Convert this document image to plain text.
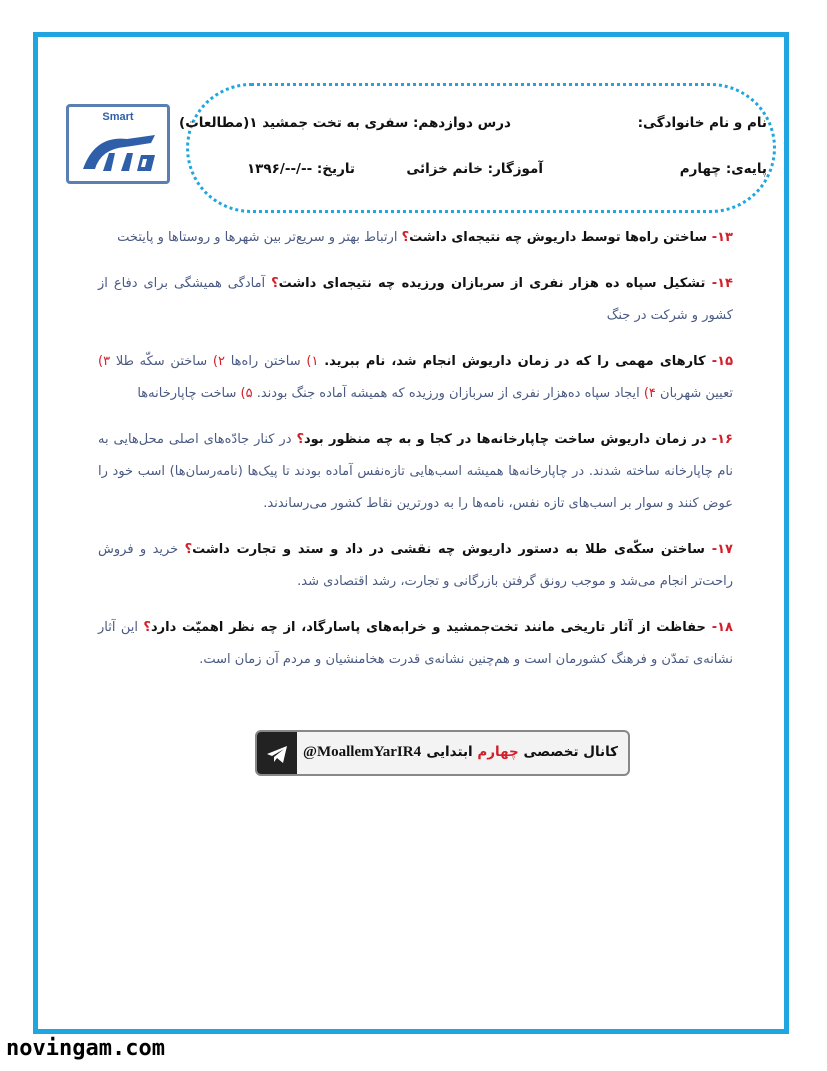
Smart	نام و نام خانوادگی:
درس دوازدهم: سفری به تخت جمشید ۱(مطالعات)
پایه‌ی: چهارم
آموزگار: خانم خزائی
تاریخ: --/--/۱۳۹۶

۱۳- ساختن راه‌ها توسط داریوش چه نتیجه‌ای داشت؟ ارتباط بهتر و سریع‌تر بین شهرها و روستاها و پایتخت

۱۴- تشکیل سپاه ده هزار نفری از سربازان ورزیده چه نتیجه‌ای داشت؟ آمادگی همیشگی برای دفاع از کشور و شرکت در جنگ

۱۵- کارهای مهمی را که در زمان داریوش انجام شد، نام ببرید. ۱) ساختن راه‌ها ۲) ساختن سکّه طلا ۳) تعیین شهربان ۴) ایجاد سپاه ده‌هزار نفری از سربازان ورزیده که همیشه آماده جنگ بودند. ۵) ساخت چاپارخانه‌ها

۱۶- در زمان داریوش ساخت چاپارخانه‌ها در کجا و به چه منظور بود؟ در کنار جادّه‌های اصلی محل‌هایی به نام چاپارخانه ساخته شدند. در چاپارخانه‌ها همیشه اسب‌هایی تازه‌نفس آماده بودند تا پیک‌ها (نامه‌رسان‌ها) اسب خود را عوض کنند و سوار بر اسب‌های تازه نفس، نامه‌ها را به دورترین نقاط کشور می‌رساندند.

۱۷- ساختن سکّه‌ی طلا به دستور داریوش چه نقشی در داد و ستد و تجارت داشت؟ خرید و فروش راحت‌تر انجام می‌شد و موجب رونق گرفتن بازرگانی و تجارت، رشد اقتصادی شد.

۱۸- حفاظت از آثار تاریخی مانند تخت‌جمشید و خرابه‌های پاسارگاد، از چه نظر اهمیّت دارد؟ این آثار نشانه‌ی تمدّن و فرهنگ کشورمان است و هم‌چنین نشانه‌ی قدرت هخامنشیان و مردم آن زمان است.

@MoallemYarIR4	کانال تخصصی چهارم ابتدایی
novingam.com
